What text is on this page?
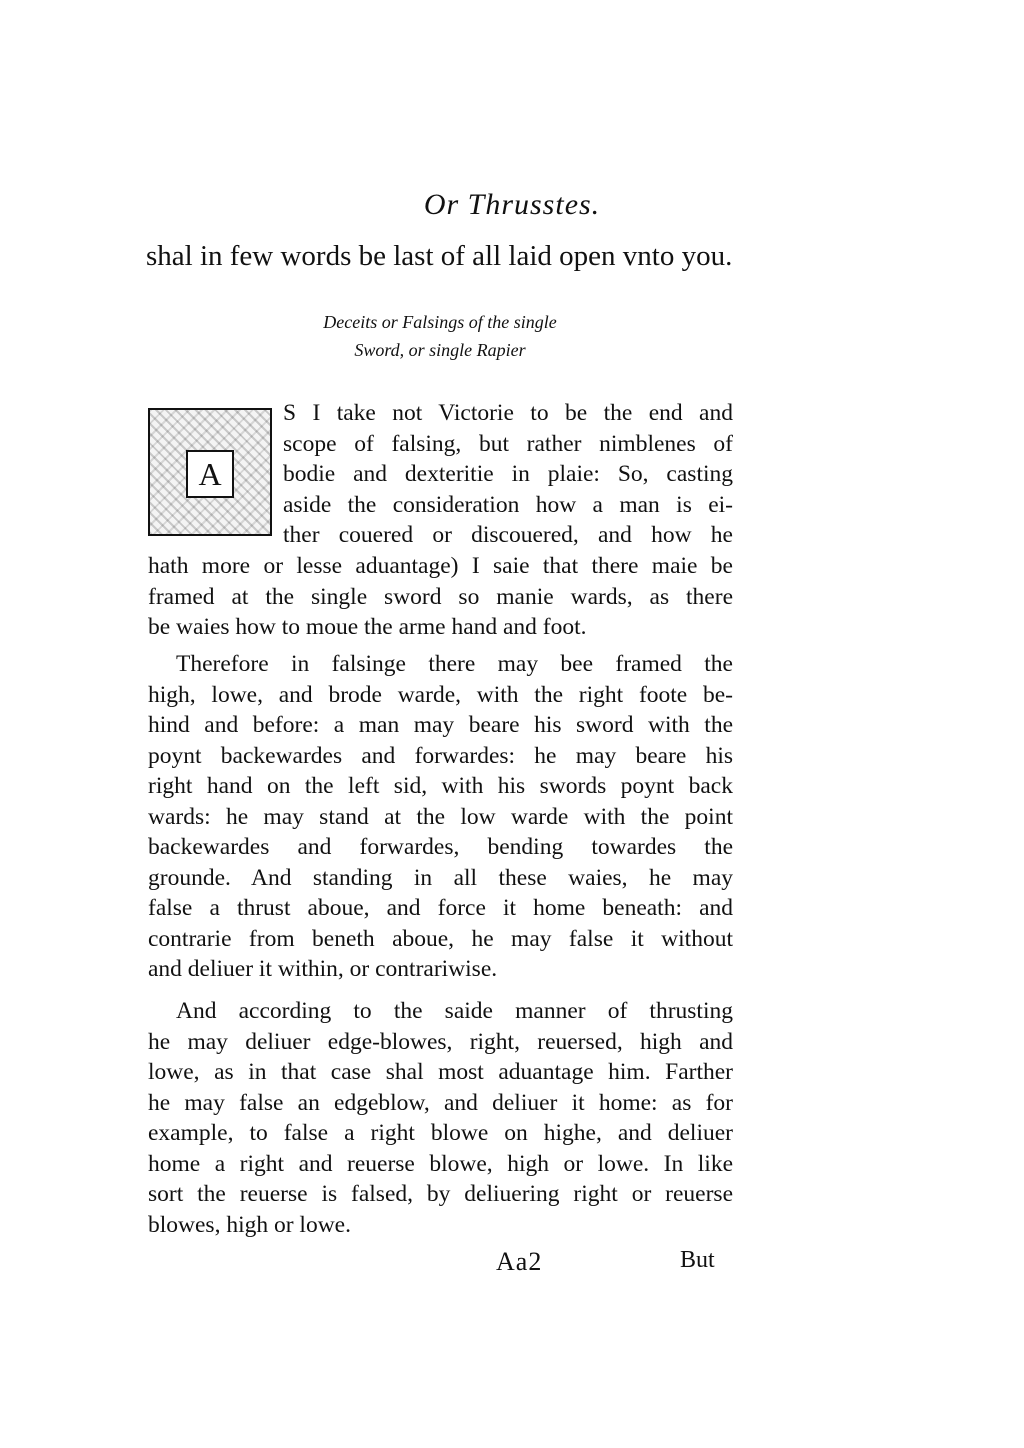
Or Thrusstes.
shal in few words be last of all laid open vnto you.
Deceits or Falsings of the single
Sword, or single Rapier
A
S I take not Victorie to be the end and
scope of falsing, but rather nimblenes of
bodie and dexteritie in plaie: So, casting
aside the consideration how a man is ei-
ther couered or discouered, and how he
hath more or lesse aduantage) I saie that there maie be
framed at the single sword so manie wards, as there
be waies how to moue the arme hand and foot.
Therefore in falsinge there may bee framed the
high, lowe, and brode warde, with the right foote be-
hind and before: a man may beare his sword with the
poynt backewardes and forwardes: he may beare his
right hand on the left sid, with his swords poynt back
wards: he may stand at the low warde with the point
backewardes and forwardes, bending towardes the
grounde. And standing in all these waies, he may
falsе a thrust aboue, and force it home beneath: and
contrarie from beneth aboue, he may false it without
and deliuer it within, or contrariwise.
And according to the saide manner of thrusting
he may deliuer edge-blowes, right, reuersed, high and
lowe, as in that case shal most aduantage him. Farther
he may false an edgeblow, and deliuer it home: as for
example, to false a right blowe on highe, and deliuer
home a right and reuerse blowe, high or lowe. In like
sort the reuerse is falsed, by deliuering right or reuerse
blowes, high or lowe.
Aa2	But
